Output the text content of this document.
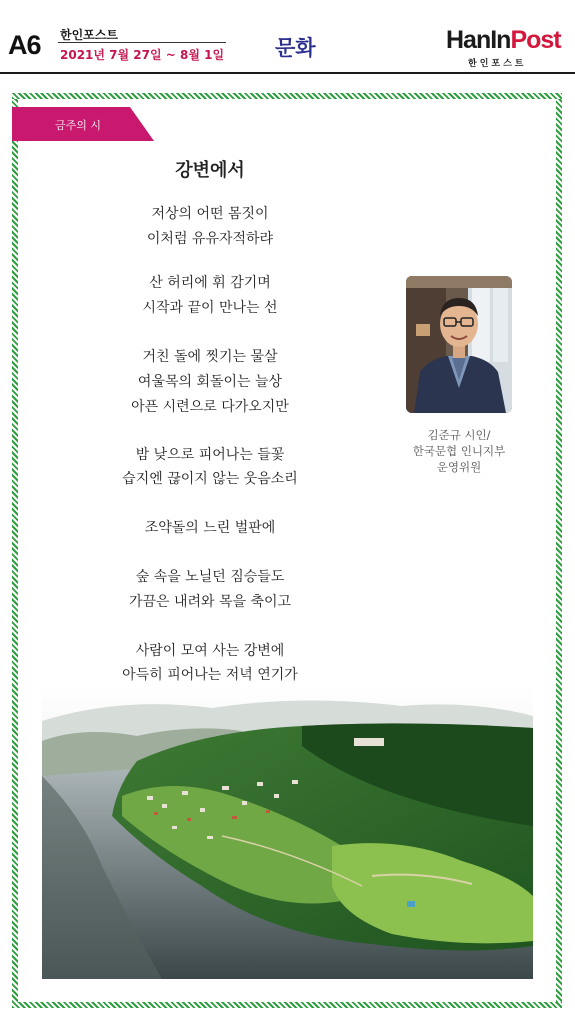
A6 한인포스트
2021년 7월 27일 ~ 8월 1일 문화	HanInPost
한인포스트
금주의 시
강변에서
저상의 어떤 몸짓이
이처럼 유유자적하랴
산 허리에 휘 감기며
시작과 끝이 만나는 선
거친 돌에 찟기는 물살
여울목의 회돌이는 늘상
아픈 시련으로 다가오지만
밤 낮으로 피어나는 들꽃
습지엔 끊이지 않는 웃음소리
조약돌의 느린 벌판에
숲 속을 노닐던 짐승들도
가끔은 내려와 목을 축이고
사람이 모여 사는 강변에
아득히 피어나는 저녁 연기가
김준규 시인/
한국문협 인니지부
운영위원
